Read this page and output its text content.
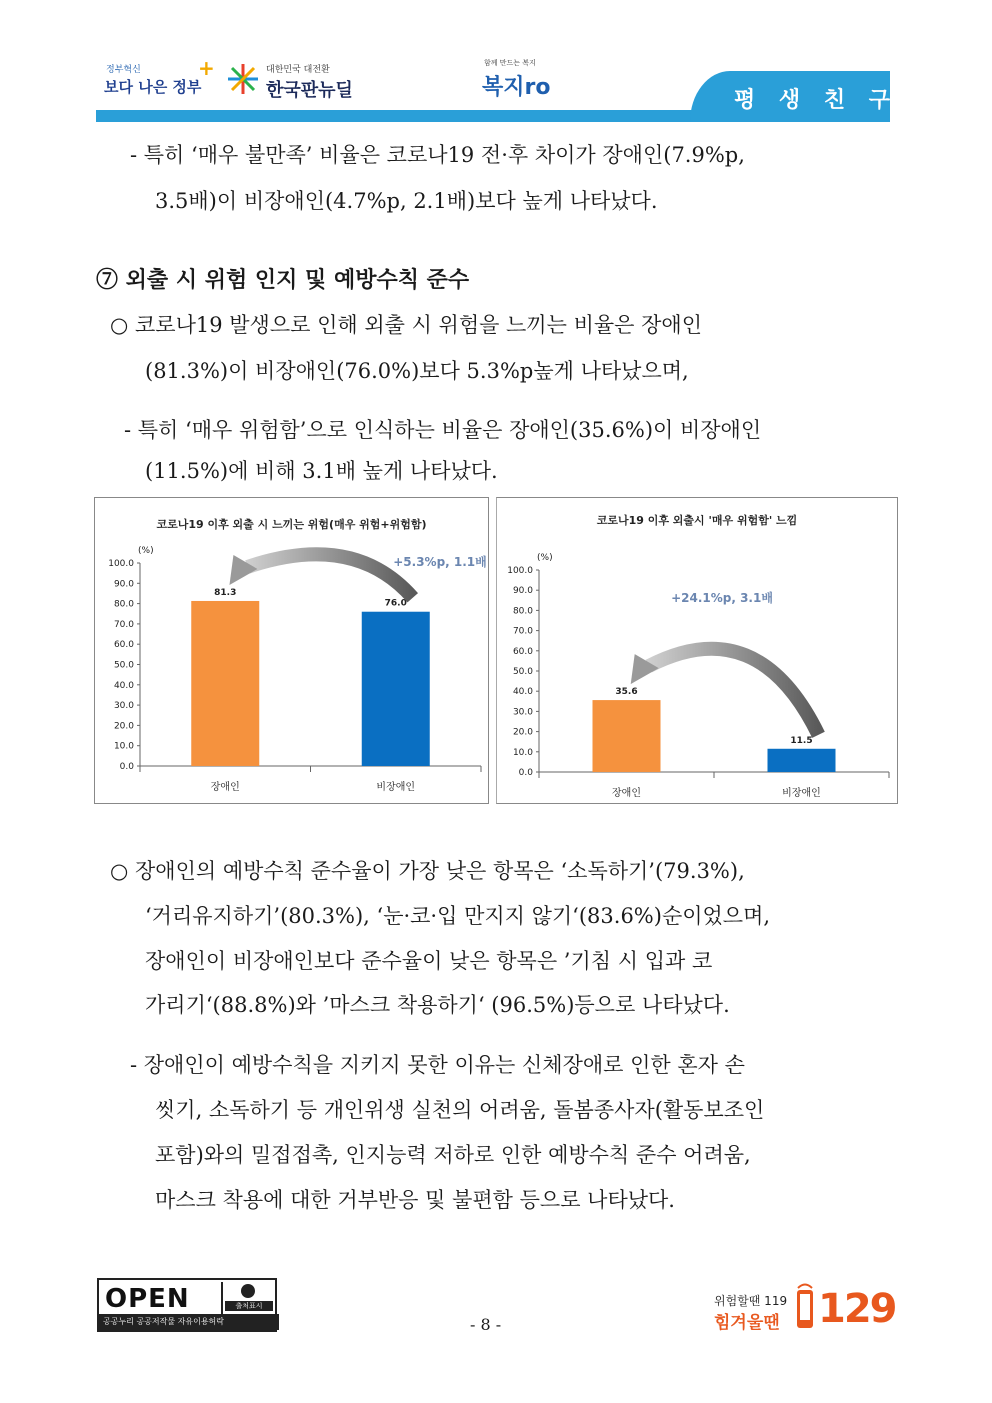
정부혁신
보다 나은 정부
+	대한민국 대전환
한국판뉴딜
함께 만드는 복지
복지ro
평 생 친 구
- 특히 ‘매우 불만족’ 비율은 코로나19 전·후 차이가 장애인(7.9%p,
3.5배)이 비장애인(4.7%p, 2.1배)보다 높게 나타났다.
⑦ 외출 시 위험 인지 및 예방수칙 준수
○ 코로나19 발생으로 인해 외출 시 위험을 느끼는 비율은 장애인
(81.3%)이 비장애인(76.0%)보다 5.3%p높게 나타났으며,
- 특히 ‘매우 위험함’으로 인식하는 비율은 장애인(35.6%)이 비장애인
(11.5%)에 비해 3.1배 높게 나타났다.
코로나19 이후 외출 시 느끼는 위험(매우 위험+위험함)
(%)
0.0
10.0
20.0
30.0
40.0
50.0
60.0
70.0
80.0
90.0
100.0
81.3
장애인
76.0
비장애인
+5.3%p, 1.1배
코로나19 이후 외출시 '매우 위험함' 느낌
(%)
0.0
10.0
20.0
30.0
40.0
50.0
60.0
70.0
80.0
90.0
100.0
35.6
장애인
11.5
비장애인
+24.1%p, 3.1배
○ 장애인의 예방수칙 준수율이 가장 낮은 항목은 ‘소독하기’(79.3%),
‘거리유지하기’(80.3%), ‘눈·코·입 만지지 않기‘(83.6%)순이었으며,
장애인이 비장애인보다 준수율이 낮은 항목은 ’기침 시 입과 코
가리기‘(88.8%)와 ’마스크 착용하기‘ (96.5%)등으로 나타났다.
- 장애인이 예방수칙을 지키지 못한 이유는 신체장애로 인한 혼자 손
씻기, 소독하기 등 개인위생 실천의 어려움, 돌봄종사자(활동보조인
포함)와의 밀접접촉, 인지능력 저하로 인한 예방수칙 준수 어려움,
마스크 착용에 대한 거부반응 및 불편함 등으로 나타났다.
OPEN	출처표시
공공누리 공공저작물 자유이용허락	- 8 -
위험할땐 119
힘겨울땐 129
